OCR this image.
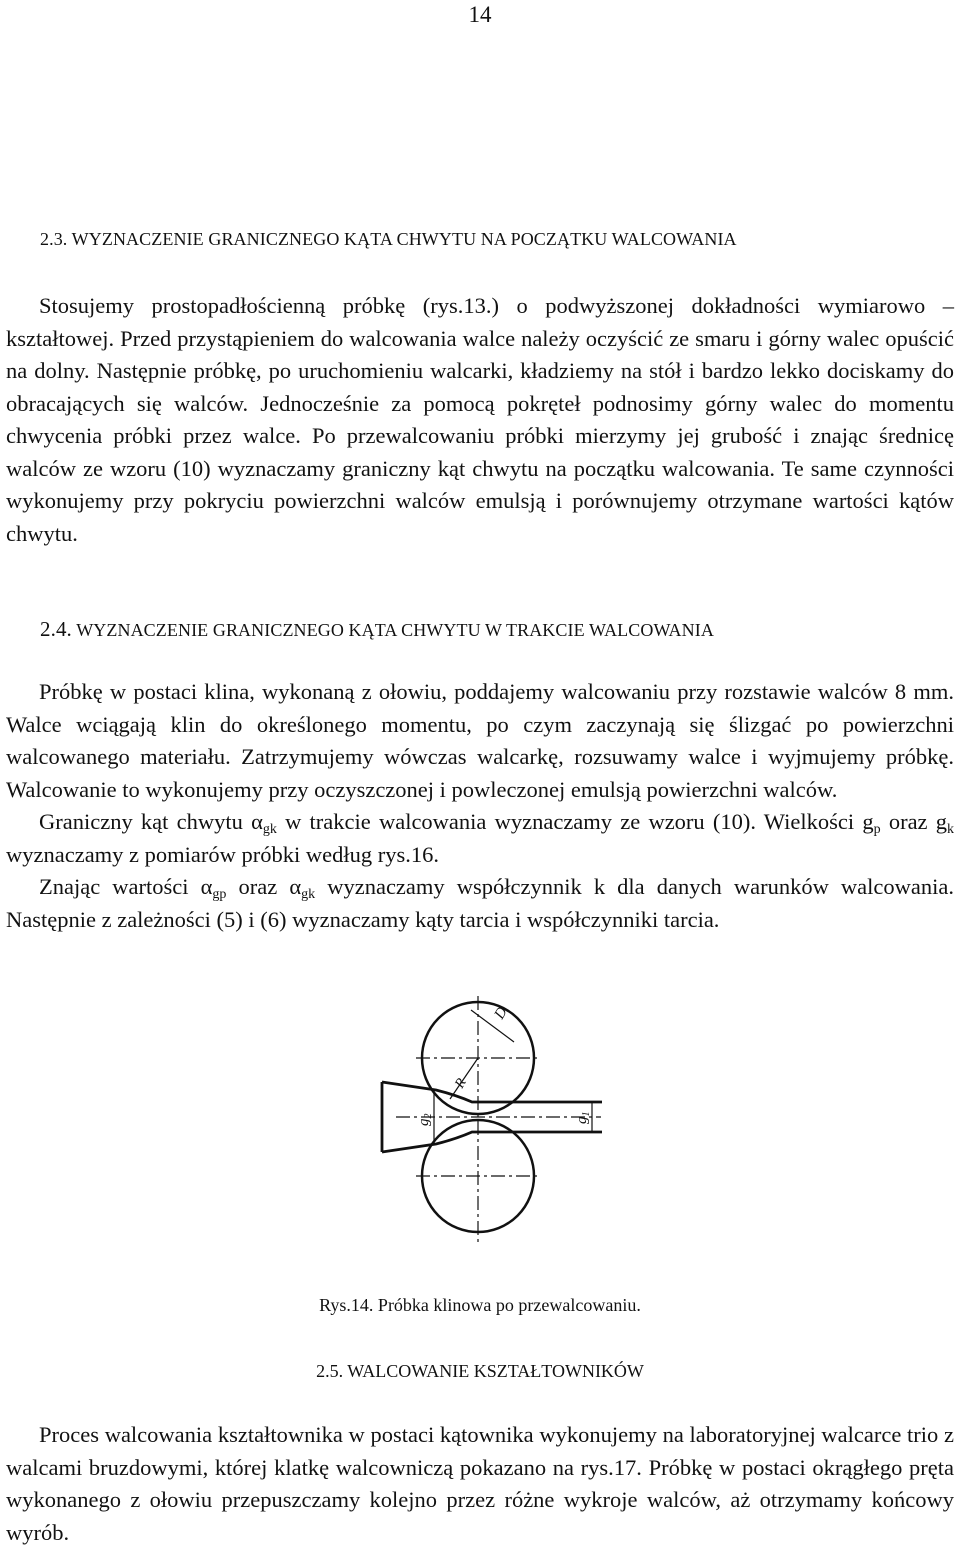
14
2.3. WYZNACZENIE GRANICZNEGO KĄTA CHWYTU NA POCZĄTKU WALCOWANIA

Stosujemy prostopadłościenną próbkę (rys.13.) o podwyższonej dokładności wymiarowo – kształtowej. Przed przystąpieniem do walcowania walce należy oczyścić ze smaru i górny walec opuścić na dolny. Następnie próbkę, po uruchomieniu walcarki, kładziemy na stół i bardzo lekko dociskamy do obracających się walców. Jednocześnie za pomocą pokręteł podnosimy górny walec do momentu chwycenia próbki przez walce. Po przewalcowaniu próbki mierzymy jej grubość i znając średnicę walców ze wzoru (10) wyznaczamy graniczny kąt chwytu na początku walcowania. Te same czynności wykonujemy przy pokryciu powierzchni walców emulsją i porównujemy otrzymane wartości kątów chwytu.

2.4. WYZNACZENIE GRANICZNEGO KĄTA CHWYTU W TRAKCIE WALCOWANIA

Próbkę w postaci klina, wykonaną z ołowiu, poddajemy walcowaniu przy rozstawie walców 8 mm. Walce wciągają klin do określonego momentu, po czym zaczynają się ślizgać po powierzchni walcowanego materiału. Zatrzymujemy wówczas walcarkę, rozsuwamy walce i wyjmujemy próbkę. Walcowanie to wykonujemy przy oczyszczonej i powleczonej emulsją powierzchni walców.

Graniczny kąt chwytu $\alpha_{gk}$ w trakcie walcowania wyznaczamy ze wzoru (10). Wielkości $g_p$ oraz $g_k$ wyznaczamy z pomiarów próbki według rys.16.

Znając wartości $\alpha_{gp}$ oraz $\alpha_{gk}$ wyznaczamy współczynnik k dla danych warunków walcowania. Następnie z zależności (5) i (6) wyznaczamy kąty tarcia i współczynniki tarcia.

D
R
$g_2$
$g_1$
Rys.14. Próbka klinowa po przewalcowaniu.
2.5. WALCOWANIE KSZTAŁTOWNIKÓW

Proces walcowania kształtownika w postaci kątownika wykonujemy na laboratoryjnej walcarce trio z walcami bruzdowymi, której klatkę walcowniczą pokazano na rys.17. Próbkę w postaci okrągłego pręta wykonanego z ołowiu przepuszczamy kolejno przez różne wykroje walców, aż otrzymamy końcowy wyrób.
